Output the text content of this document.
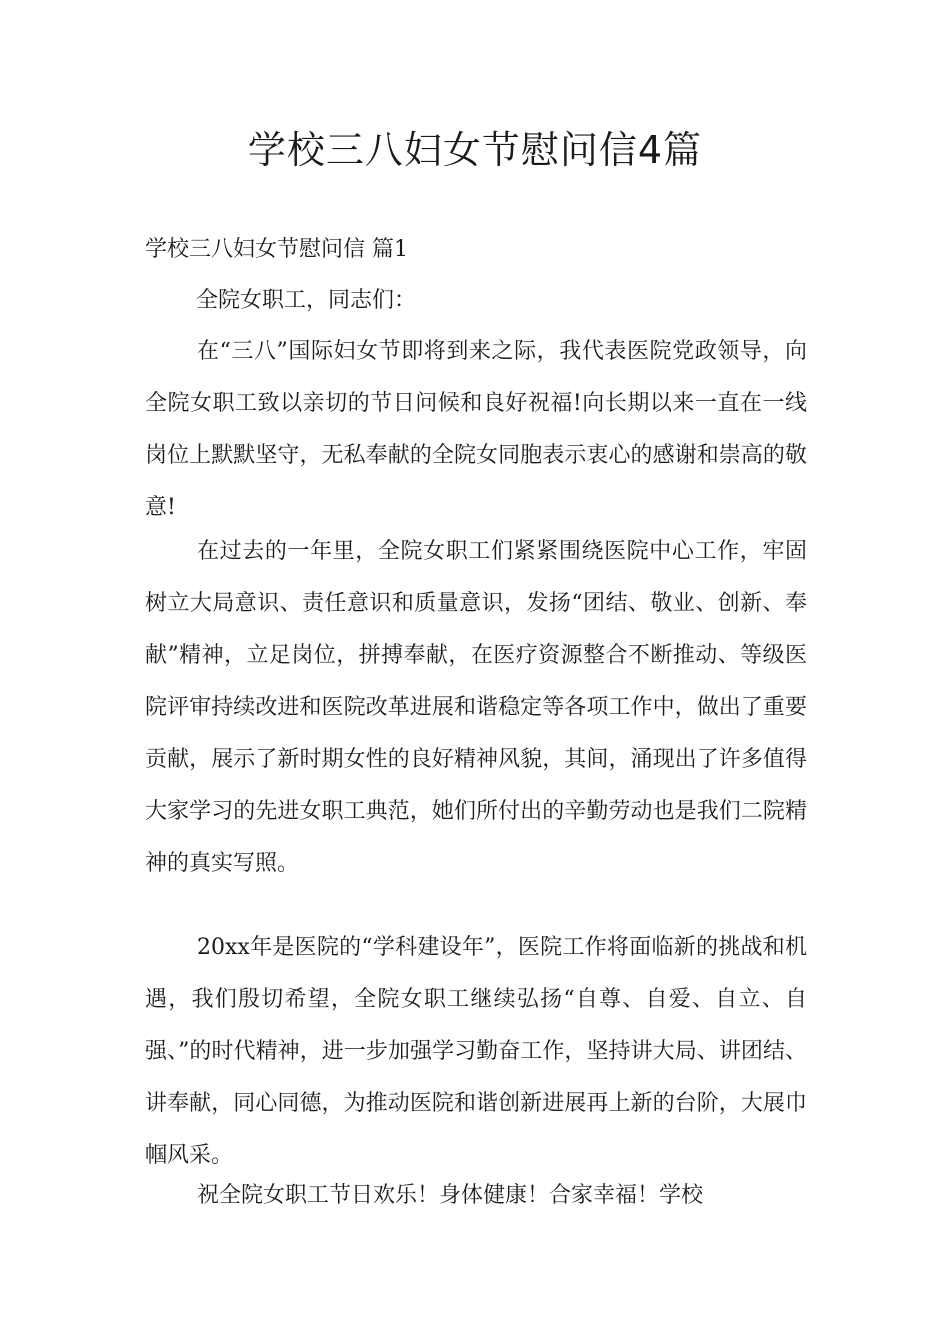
学校三八妇女节慰问信4篇
学校三八妇女节慰问信 篇1

全院女职工，同志们：

在“三八”国际妇女节即将到来之际，我代表医院党政领导，向全院女职工致以亲切的节日问候和良好祝福!向长期以来一直在一线岗位上默默坚守，无私奉献的全院女同胞表示衷心的感谢和崇高的敬意!

在过去的一年里，全院女职工们紧紧围绕医院中心工作，牢固树立大局意识、责任意识和质量意识，发扬“团结、敬业、创新、奉献”精神，立足岗位，拼搏奉献，在医疗资源整合不断推动、等级医院评审持续改进和医院改革进展和谐稳定等各项工作中，做出了重要贡献，展示了新时期女性的良好精神风貌，其间，涌现出了许多值得大家学习的先进女职工典范，她们所付出的辛勤劳动也是我们二院精神的真实写照。

20xx年是医院的“学科建设年”，医院工作将面临新的挑战和机遇，我们殷切希望，全院女职工继续弘扬“自尊、自爱、自立、自强、”的时代精神，进一步加强学习勤奋工作，坚持讲大局、讲团结、讲奉献，同心同德，为推动医院和谐创新进展再上新的台阶，大展巾帼风采。

祝全院女职工节日欢乐！身体健康！合家幸福！学校
